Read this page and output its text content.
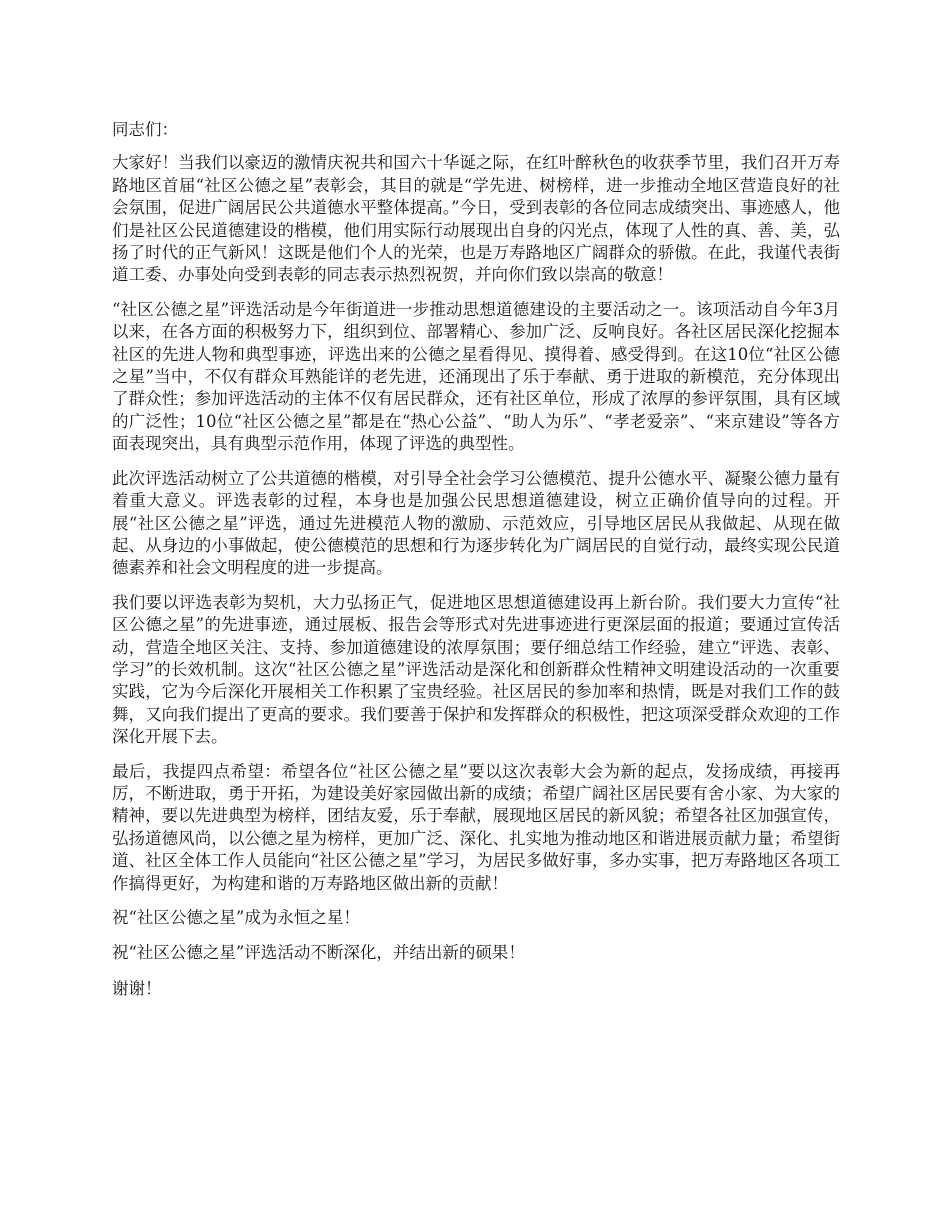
同志们：

大家好！当我们以豪迈的激情庆祝共和国六十华诞之际，在红叶醉秋色的收获季节里，我们召开万寿路地区首届“社区公德之星”表彰会，其目的就是“学先进、树榜样，进一步推动全地区营造良好的社会氛围，促进广阔居民公共道德水平整体提高。”今日，受到表彰的各位同志成绩突出、事迹感人，他们是社区公民道德建设的楷模，他们用实际行动展现出自身的闪光点，体现了人性的真、善、美，弘扬了时代的正气新风！这既是他们个人的光荣，也是万寿路地区广阔群众的骄傲。在此，我谨代表街道工委、办事处向受到表彰的同志表示热烈祝贺，并向你们致以崇高的敬意！

“社区公德之星”评选活动是今年街道进一步推动思想道德建设的主要活动之一。该项活动自今年3月以来，在各方面的积极努力下，组织到位、部署精心、参加广泛、反响良好。各社区居民深化挖掘本社区的先进人物和典型事迹，评选出来的公德之星看得见、摸得着、感受得到。在这10位“社区公德之星”当中，不仅有群众耳熟能详的老先进，还涌现出了乐于奉献、勇于进取的新模范，充分体现出了群众性；参加评选活动的主体不仅有居民群众，还有社区单位，形成了浓厚的参评氛围，具有区域的广泛性；10位“社区公德之星”都是在“热心公益”、“助人为乐”、“孝老爱亲”、“来京建设”等各方面表现突出，具有典型示范作用，体现了评选的典型性。

此次评选活动树立了公共道德的楷模，对引导全社会学习公德模范、提升公德水平、凝聚公德力量有着重大意义。评选表彰的过程，本身也是加强公民思想道德建设，树立正确价值导向的过程。开展“社区公德之星”评选，通过先进模范人物的激励、示范效应，引导地区居民从我做起、从现在做起、从身边的小事做起，使公德模范的思想和行为逐步转化为广阔居民的自觉行动，最终实现公民道德素养和社会文明程度的进一步提高。

我们要以评选表彰为契机，大力弘扬正气，促进地区思想道德建设再上新台阶。我们要大力宣传“社区公德之星”的先进事迹，通过展板、报告会等形式对先进事迹进行更深层面的报道；要通过宣传活动，营造全地区关注、支持、参加道德建设的浓厚氛围；要仔细总结工作经验，建立“评选、表彰、学习”的长效机制。这次“社区公德之星”评选活动是深化和创新群众性精神文明建设活动的一次重要实践，它为今后深化开展相关工作积累了宝贵经验。社区居民的参加率和热情，既是对我们工作的鼓舞，又向我们提出了更高的要求。我们要善于保护和发挥群众的积极性，把这项深受群众欢迎的工作深化开展下去。

最后，我提四点希望：希望各位“社区公德之星”要以这次表彰大会为新的起点，发扬成绩，再接再厉，不断进取，勇于开拓，为建设美好家园做出新的成绩；希望广阔社区居民要有舍小家、为大家的精神，要以先进典型为榜样，团结友爱，乐于奉献，展现地区居民的新风貌；希望各社区加强宣传，弘扬道德风尚，以公德之星为榜样，更加广泛、深化、扎实地为推动地区和谐进展贡献力量；希望街道、社区全体工作人员能向“社区公德之星”学习，为居民多做好事，多办实事，把万寿路地区各项工作搞得更好，为构建和谐的万寿路地区做出新的贡献！

祝“社区公德之星”成为永恒之星！

祝“社区公德之星”评选活动不断深化，并结出新的硕果！

谢谢！
